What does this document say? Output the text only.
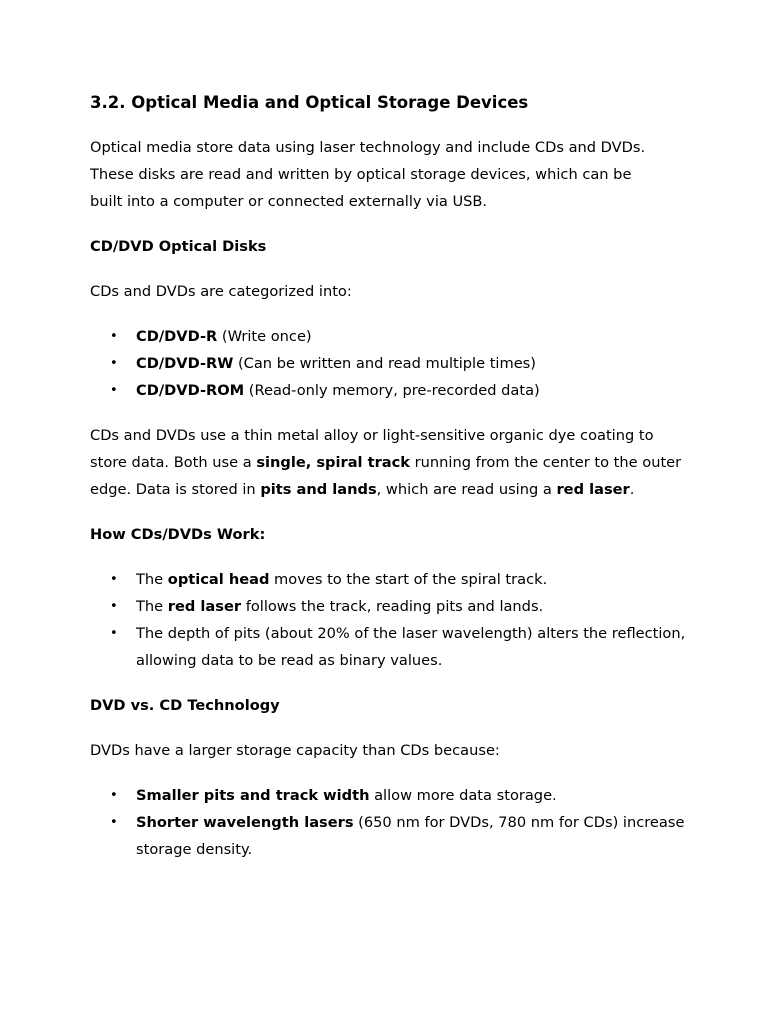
3.2. Optical Media and Optical Storage Devices

Optical media store data using laser technology and include CDs and DVDs.
These disks are read and written by optical storage devices, which can be
built into a computer or connected externally via USB.

CD/DVD Optical Disks

CDs and DVDs are categorized into:

• CD/DVD-R (Write once)
• CD/DVD-RW (Can be written and read multiple times)
• CD/DVD-ROM (Read-only memory, pre-recorded data)

CDs and DVDs use a thin metal alloy or light-sensitive organic dye coating to store data. Both use a single, spiral track running from the center to the outer edge. Data is stored in pits and lands, which are read using a red laser.

How CDs/DVDs Work:
• The optical head moves to the start of the spiral track.
• The red laser follows the track, reading pits and lands.
• The depth of pits (about 20% of the laser wavelength) alters the reflection, allowing data to be read as binary values.
DVD vs. CD Technology

DVDs have a larger storage capacity than CDs because:

• Smaller pits and track width allow more data storage.
• Shorter wavelength lasers (650 nm for DVDs, 780 nm for CDs) increase storage density.
